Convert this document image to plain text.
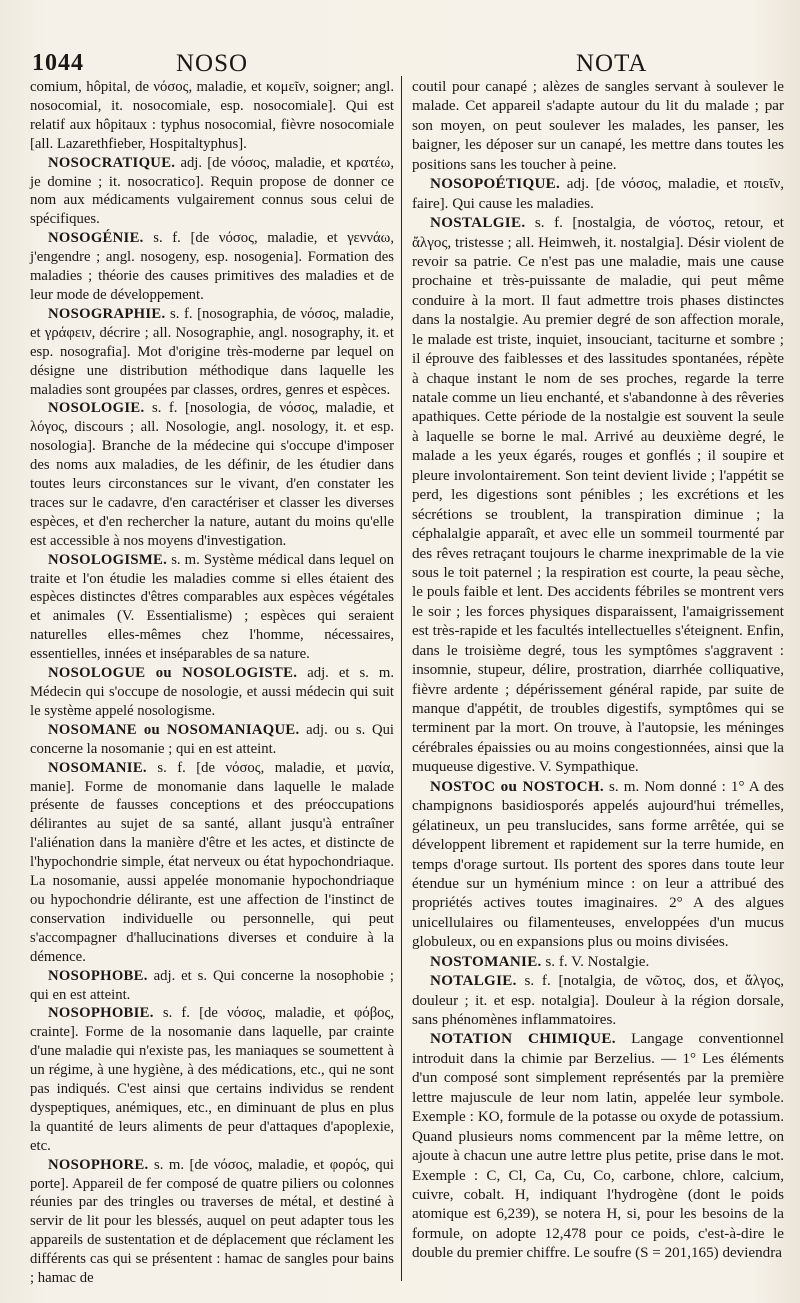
1044	NOSO	NOTA

comium, hôpital, de νόσος, maladie, et κομεῖν, soigner; angl. nosocomial, it. nosocomiale, esp. nosocomiale]. Qui est relatif aux hôpitaux : typhus nosocomial, fièvre nosocomiale [all. Lazarethfieber, Hospitaltyphus].

NOSOCRATIQUE. adj. [de νόσος, maladie, et κρατέω, je domine ; it. nosocratico]. Requin propose de donner ce nom aux médicaments vulgairement connus sous celui de spécifiques.

NOSOGÉNIE. s. f. [de νόσος, maladie, et γεννάω, j'engendre ; angl. nosogeny, esp. nosogenia]. Formation des maladies ; théorie des causes primitives des maladies et de leur mode de développement.

NOSOGRAPHIE. s. f. [nosographia, de νόσος, maladie, et γράφειν, décrire ; all. Nosographie, angl. nosography, it. et esp. nosografia]. Mot d'origine très-moderne par lequel on désigne une distribution méthodique dans laquelle les maladies sont groupées par classes, ordres, genres et espèces.

NOSOLOGIE. s. f. [nosologia, de νόσος, maladie, et λόγος, discours ; all. Nosologie, angl. nosology, it. et esp. nosologia]. Branche de la médecine qui s'occupe d'imposer des noms aux maladies, de les définir, de les étudier dans toutes leurs circonstances sur le vivant, d'en constater les traces sur le cadavre, d'en caractériser et classer les diverses espèces, et d'en rechercher la nature, autant du moins qu'elle est accessible à nos moyens d'investigation.

NOSOLOGISME. s. m. Système médical dans lequel on traite et l'on étudie les maladies comme si elles étaient des espèces distinctes d'êtres comparables aux espèces végétales et animales (V. Essentialisme) ; espèces qui seraient naturelles elles-mêmes chez l'homme, nécessaires, essentielles, innées et inséparables de sa nature.

NOSOLOGUE ou NOSOLOGISTE. adj. et s. m. Médecin qui s'occupe de nosologie, et aussi médecin qui suit le système appelé nosologisme.

NOSOMANE ou NOSOMANIAQUE. adj. ou s. Qui concerne la nosomanie ; qui en est atteint.

NOSOMANIE. s. f. [de νόσος, maladie, et μανία, manie]. Forme de monomanie dans laquelle le malade présente de fausses conceptions et des préoccupations délirantes au sujet de sa santé, allant jusqu'à entraîner l'aliénation dans la manière d'être et les actes, et distincte de l'hypochondrie simple, état nerveux ou état hypochondriaque. La nosomanie, aussi appelée monomanie hypochondriaque ou hypochondrie délirante, est une affection de l'instinct de conservation individuelle ou personnelle, qui peut s'accompagner d'hallucinations diverses et conduire à la démence.

NOSOPHOBE. adj. et s. Qui concerne la nosophobie ; qui en est atteint.

NOSOPHOBIE. s. f. [de νόσος, maladie, et φόβος, crainte]. Forme de la nosomanie dans laquelle, par crainte d'une maladie qui n'existe pas, les maniaques se soumettent à un régime, à une hygiène, à des médications, etc., qui ne sont pas indiqués. C'est ainsi que certains individus se rendent dyspeptiques, anémiques, etc., en diminuant de plus en plus la quantité de leurs aliments de peur d'attaques d'apoplexie, etc.

NOSOPHORE. s. m. [de νόσος, maladie, et φορός, qui porte]. Appareil de fer composé de quatre piliers ou colonnes réunies par des tringles ou traverses de métal, et destiné à servir de lit pour les blessés, auquel on peut adapter tous les appareils de sustentation et de déplacement que réclament les différents cas qui se présentent : hamac de sangles pour bains ; hamac de

coutil pour canapé ; alèzes de sangles servant à soulever le malade. Cet appareil s'adapte autour du lit du malade ; par son moyen, on peut soulever les malades, les panser, les baigner, les déposer sur un canapé, les mettre dans toutes les positions sans les toucher à peine.

NOSOPOÉTIQUE. adj. [de νόσος, maladie, et ποιεῖν, faire]. Qui cause les maladies.

NOSTALGIE. s. f. [nostalgia, de νόστος, retour, et ἄλγος, tristesse ; all. Heimweh, it. nostalgia]. Désir violent de revoir sa patrie. Ce n'est pas une maladie, mais une cause prochaine et très-puissante de maladie, qui peut même conduire à la mort. Il faut admettre trois phases distinctes dans la nostalgie. Au premier degré de son affection morale, le malade est triste, inquiet, insouciant, taciturne et sombre ; il éprouve des faiblesses et des lassitudes spontanées, répète à chaque instant le nom de ses proches, regarde la terre natale comme un lieu enchanté, et s'abandonne à des rêveries apathiques. Cette période de la nostalgie est souvent la seule à laquelle se borne le mal. Arrivé au deuxième degré, le malade a les yeux égarés, rouges et gonflés ; il soupire et pleure involontairement. Son teint devient livide ; l'appétit se perd, les digestions sont pénibles ; les excrétions et les sécrétions se troublent, la transpiration diminue ; la céphalalgie apparaît, et avec elle un sommeil tourmenté par des rêves retraçant toujours le charme inexprimable de la vie sous le toit paternel ; la respiration est courte, la peau sèche, le pouls faible et lent. Des accidents fébriles se montrent vers le soir ; les forces physiques disparaissent, l'amaigrissement est très-rapide et les facultés intellectuelles s'éteignent. Enfin, dans le troisième degré, tous les symptômes s'aggravent : insomnie, stupeur, délire, prostration, diarrhée colliquative, fièvre ardente ; dépérissement général rapide, par suite de manque d'appétit, de troubles digestifs, symptômes qui se terminent par la mort. On trouve, à l'autopsie, les méninges cérébrales épaissies ou au moins congestionnées, ainsi que la muqueuse digestive. V. Sympathique.

NOSTOC ou NOSTOCH. s. m. Nom donné : 1° A des champignons basidiosporés appelés aujourd'hui trémelles, gélatineux, un peu translucides, sans forme arrêtée, qui se développent librement et rapidement sur la terre humide, en temps d'orage surtout. Ils portent des spores dans toute leur étendue sur un hyménium mince : on leur a attribué des propriétés actives toutes imaginaires. 2° A des algues unicellulaires ou filamenteuses, enveloppées d'un mucus globuleux, ou en expansions plus ou moins divisées.

NOSTOMANIE. s. f. V. Nostalgie.

NOTALGIE. s. f. [notalgia, de νῶτος, dos, et ἄλγος, douleur ; it. et esp. notalgia]. Douleur à la région dorsale, sans phénomènes inflammatoires.

NOTATION CHIMIQUE. Langage conventionnel introduit dans la chimie par Berzelius. — 1° Les éléments d'un composé sont simplement représentés par la première lettre majuscule de leur nom latin, appelée leur symbole. Exemple : KO, formule de la potasse ou oxyde de potassium. Quand plusieurs noms commencent par la même lettre, on ajoute à chacun une autre lettre plus petite, prise dans le mot. Exemple : C, Cl, Ca, Cu, Co, carbone, chlore, calcium, cuivre, cobalt. H, indiquant l'hydrogène (dont le poids atomique est 6,239), se notera H, si, pour les besoins de la formule, on adopte 12,478 pour ce poids, c'est-à-dire le double du premier chiffre. Le soufre (S = 201,165) deviendra
